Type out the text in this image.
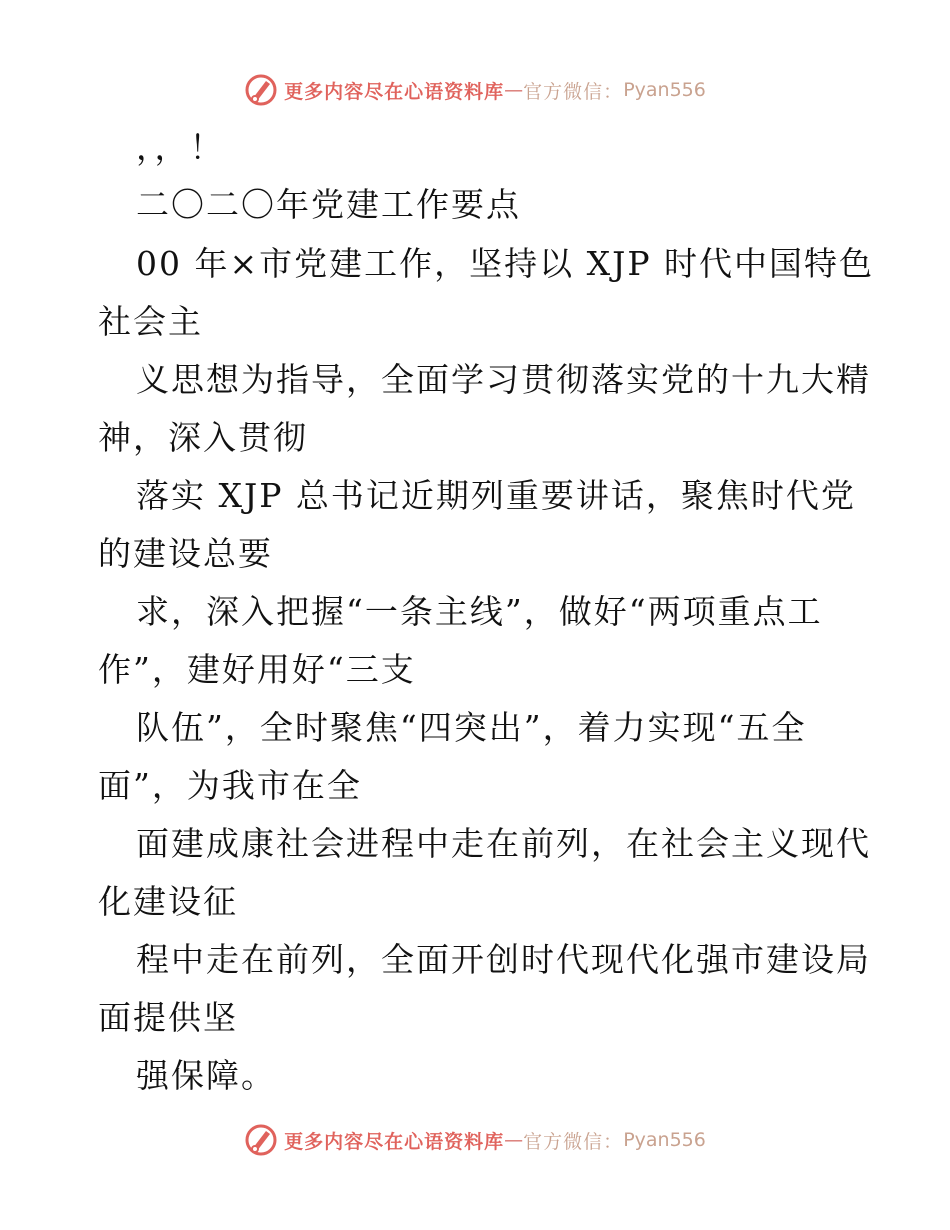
更多内容尽在心语资料库 — 官方微信： Pyan556
，，！
二〇二〇年党建工作要点
00 年×市党建工作，坚持以 XJP 时代中国特色
社会主
义思想为指导，全面学习贯彻落实党的十九大精
神，深入贯彻
落实 XJP 总书记近期列重要讲话，聚焦时代党
的建设总要
求，深入把握“一条主线”，做好“两项重点工
作”，建好用好“三支
队伍”，全时聚焦“四突出”，着力实现“五全
面”，为我市在全
面建成康社会进程中走在前列，在社会主义现代
化建设征
程中走在前列，全面开创时代现代化强市建设局
面提供坚
强保障。
更多内容尽在心语资料库 — 官方微信： Pyan556
